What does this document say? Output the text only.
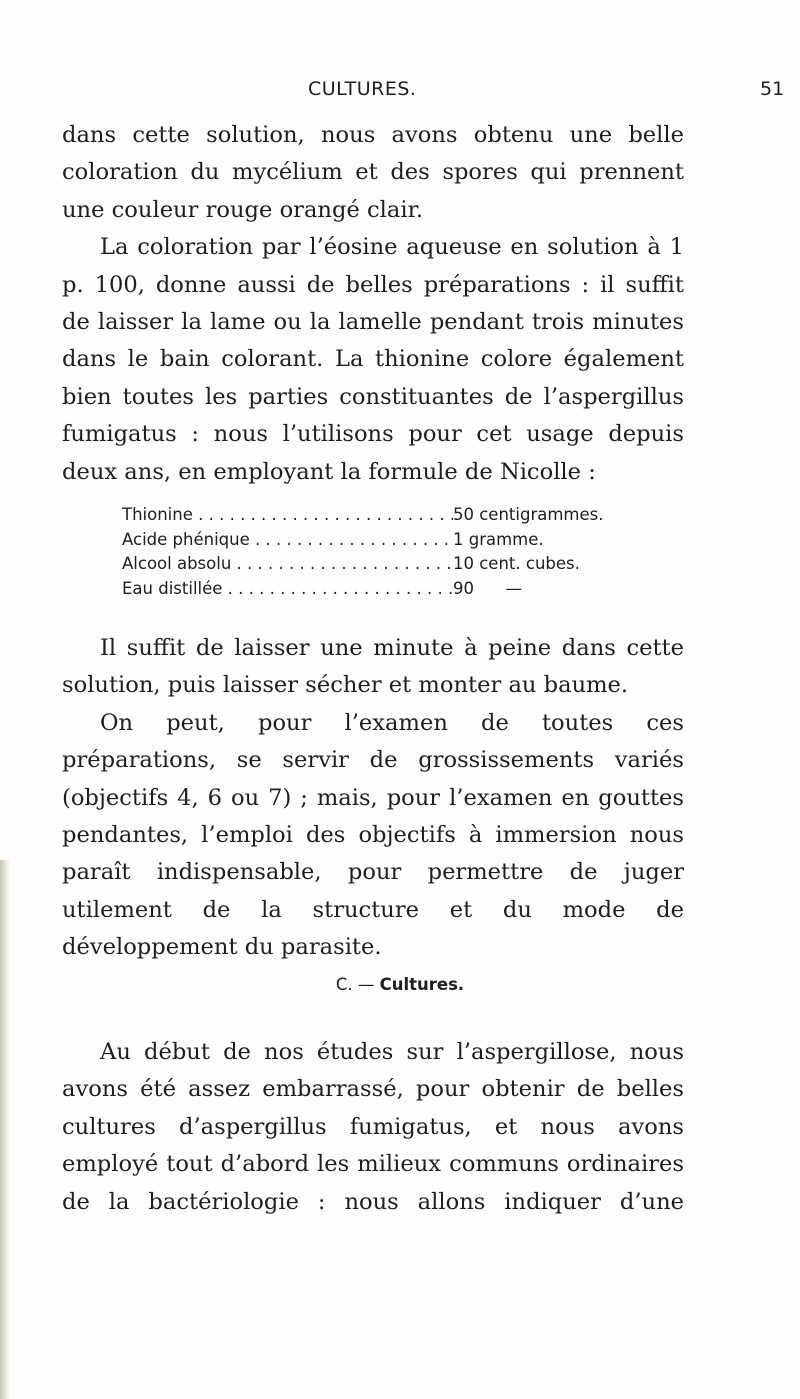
CULTURES.	51

dans cette solution, nous avons obtenu une belle coloration du mycélium et des spores qui prennent une couleur rouge orangé clair.

La coloration par l’éosine aqueuse en solution à 1 p. 100, donne aussi de belles préparations : il suffit de laisser la lame ou la lamelle pendant trois minutes dans le bain colorant. La thionine colore également bien toutes les parties constituantes de l’aspergillus fumigatus : nous l’utilisons pour cet usage depuis deux ans, en employant la formule de Nicolle :

Thionine . . .	50 centigrammes.
Acide phénique . . .	1 gramme.
Alcool absolu . . .	10 cent. cubes.
Eau distillée . . .	90      —

Il suffit de laisser une minute à peine dans cette solution, puis laisser sécher et monter au baume.

On peut, pour l’examen de toutes ces préparations, se servir de grossissements variés (objectifs 4, 6 ou 7) ; mais, pour l’examen en gouttes pendantes, l’emploi des objectifs à immersion nous paraît indispensable, pour permettre de juger utilement de la structure et du mode de développement du parasite.

C. — Cultures.

Au début de nos études sur l’aspergillose, nous avons été assez embarrassé, pour obtenir de belles cultures d’aspergillus fumigatus, et nous avons employé tout d’abord les milieux communs ordinaires de la bactériologie : nous allons indiquer d’une
